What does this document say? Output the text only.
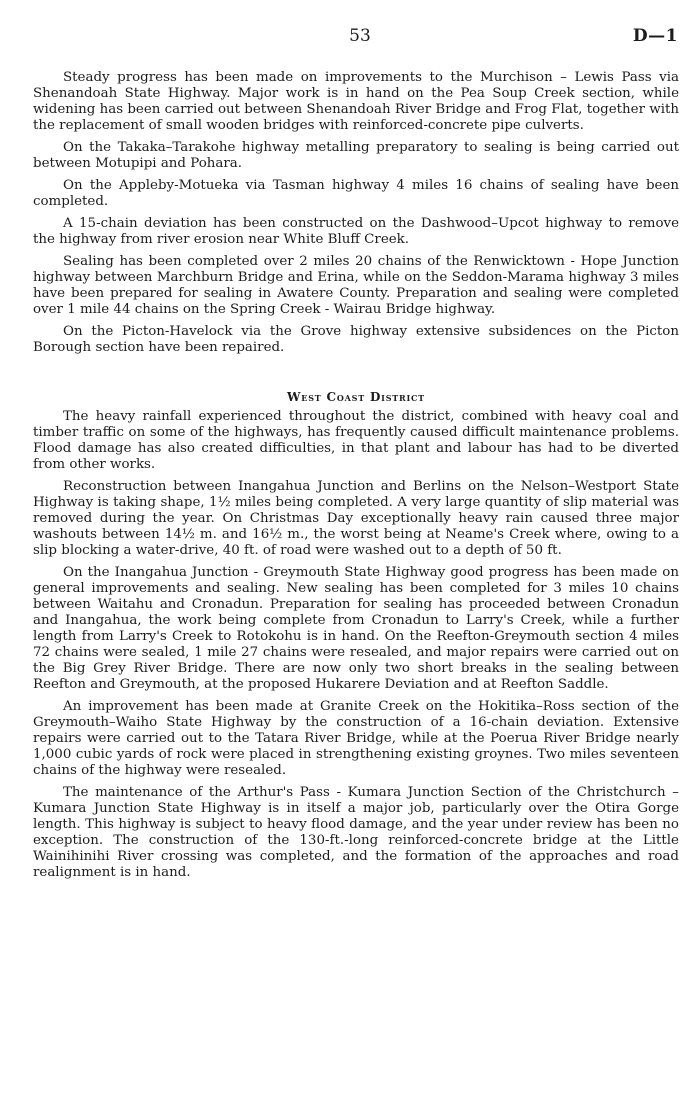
53	D—1

Steady progress has been made on improvements to the Murchison – Lewis Pass via Shenandoah State Highway. Major work is in hand on the Pea Soup Creek section, while widening has been carried out between Shenandoah River Bridge and Frog Flat, together with the replacement of small wooden bridges with reinforced-concrete pipe culverts.

On the Takaka–Tarakohe highway metalling preparatory to sealing is being carried out between Motupipi and Pohara.

On the Appleby-Motueka via Tasman highway 4 miles 16 chains of sealing have been completed.

A 15-chain deviation has been constructed on the Dashwood–Upcot highway to remove the highway from river erosion near White Bluff Creek.

Sealing has been completed over 2 miles 20 chains of the Renwicktown - Hope Junction highway between Marchburn Bridge and Erina, while on the Seddon-Marama highway 3 miles have been prepared for sealing in Awatere County. Preparation and sealing were completed over 1 mile 44 chains on the Spring Creek - Wairau Bridge highway.

On the Picton-Havelock via the Grove highway extensive subsidences on the Picton Borough section have been repaired.

West Coast District

The heavy rainfall experienced throughout the district, combined with heavy coal and timber traffic on some of the highways, has frequently caused difficult maintenance problems. Flood damage has also created difficulties, in that plant and labour has had to be diverted from other works.

Reconstruction between Inangahua Junction and Berlins on the Nelson–Westport State Highway is taking shape, 1½ miles being completed. A very large quantity of slip material was removed during the year. On Christmas Day exceptionally heavy rain caused three major washouts between 14½ m. and 16½ m., the worst being at Neame's Creek where, owing to a slip blocking a water-drive, 40 ft. of road were washed out to a depth of 50 ft.

On the Inangahua Junction - Greymouth State Highway good progress has been made on general improvements and sealing. New sealing has been completed for 3 miles 10 chains between Waitahu and Cronadun. Preparation for sealing has proceeded between Cronadun and Inangahua, the work being complete from Cronadun to Larry's Creek, while a further length from Larry's Creek to Rotokohu is in hand. On the Reefton-Greymouth section 4 miles 72 chains were sealed, 1 mile 27 chains were resealed, and major repairs were carried out on the Big Grey River Bridge. There are now only two short breaks in the sealing between Reefton and Greymouth, at the proposed Hukarere Deviation and at Reefton Saddle.

An improvement has been made at Granite Creek on the Hokitika–Ross section of the Greymouth–Waiho State Highway by the construction of a 16-chain deviation. Extensive repairs were carried out to the Tatara River Bridge, while at the Poerua River Bridge nearly 1,000 cubic yards of rock were placed in strengthening existing groynes. Two miles seventeen chains of the highway were resealed.

The maintenance of the Arthur's Pass - Kumara Junction Section of the Christchurch – Kumara Junction State Highway is in itself a major job, particularly over the Otira Gorge length. This highway is subject to heavy flood damage, and the year under review has been no exception. The construction of the 130-ft.-long reinforced-concrete bridge at the Little Wainihinihi River crossing was completed, and the formation of the approaches and road realignment is in hand.
